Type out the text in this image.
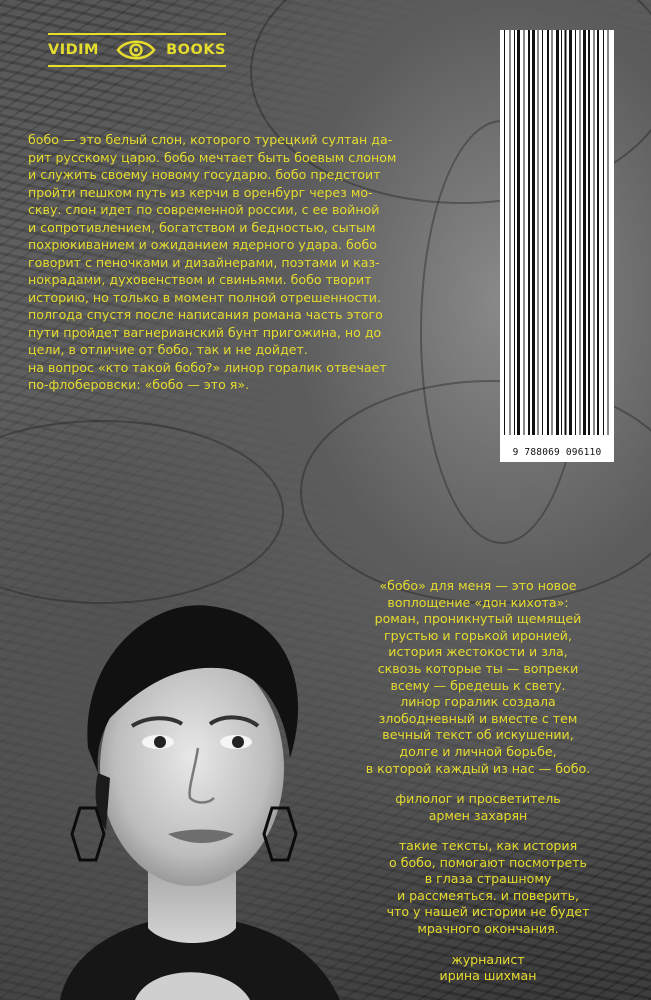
VIDIM	BOOKS
9 788069 096110

бобо — это белый слон, которого турецкий султан да-

рит русскому царю. бобо мечтает быть боевым слоном

и служить своему новому государю. бобо предстоит

пройти пешком путь из керчи в оренбург через мо-

скву. слон идет по современной россии, с ее войной

и сопротивлением, богатством и бедностью, сытым

похрюкиванием и ожиданием ядерного удара. бобо

говорит с пеночками и дизайнерами, поэтами и каз-

нокрадами, духовенством и свиньями. бобо творит

историю, но только в момент полной отрешенности.

полгода спустя после написания романа часть этого

пути пройдет вагнерианский бунт пригожина, но до

цели, в отличие от бобо, так и не дойдет.

на вопрос «кто такой бобо?» линор горалик отвечает

по-флоберовски: «бобо — это я».

«бобо» для меня — это новое
воплощение «дон кихота»:
роман, проникнутый щемящей
грустью и горькой иронией,
история жестокости и зла,
сквозь которые ты — вопреки
всему — бредешь к свету.
линор горалик создала
злободневный и вместе с тем
вечный текст об искушении,
долге и личной борьбе,
в которой каждый из нас — бобо.
филолог и просветитель
армен захарян
такие тексты, как история
о бобо, помогают посмотреть
в глаза страшному
и рассмеяться. и поверить,
что у нашей истории не будет
мрачного окончания.
журналист
ирина шихман
